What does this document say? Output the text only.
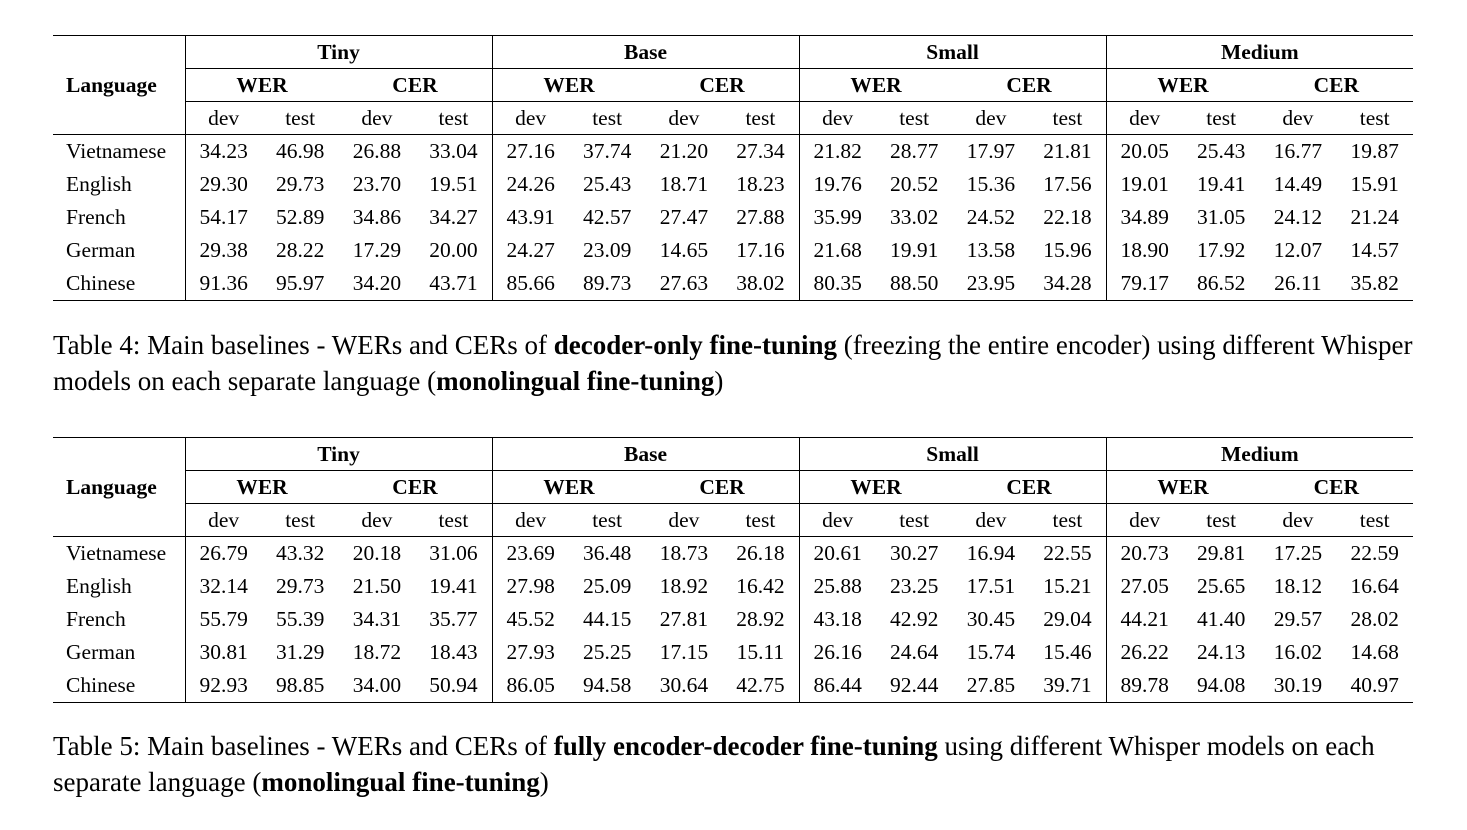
Language	Tiny				Base				Small				Medium			
	WER		CER		WER		CER		WER		CER		WER		CER	
	dev	test	dev	test	dev	test	dev	test	dev	test	dev	test	dev	test	dev	test
Vietnamese	34.23	46.98	26.88	33.04	27.16	37.74	21.20	27.34	21.82	28.77	17.97	21.81	20.05	25.43	16.77	19.87
English	29.30	29.73	23.70	19.51	24.26	25.43	18.71	18.23	19.76	20.52	15.36	17.56	19.01	19.41	14.49	15.91
French	54.17	52.89	34.86	34.27	43.91	42.57	27.47	27.88	35.99	33.02	24.52	22.18	34.89	31.05	24.12	21.24
German	29.38	28.22	17.29	20.00	24.27	23.09	14.65	17.16	21.68	19.91	13.58	15.96	18.90	17.92	12.07	14.57
Chinese	91.36	95.97	34.20	43.71	85.66	89.73	27.63	38.02	80.35	88.50	23.95	34.28	79.17	86.52	26.11	35.82

Table 4: Main baselines - WERs and CERs of decoder-only fine-tuning (freezing the entire encoder) using different Whisper models on each separate language (monolingual fine-tuning)

Language	Tiny				Base				Small				Medium			
	WER		CER		WER		CER		WER		CER		WER		CER	
	dev	test	dev	test	dev	test	dev	test	dev	test	dev	test	dev	test	dev	test
Vietnamese	26.79	43.32	20.18	31.06	23.69	36.48	18.73	26.18	20.61	30.27	16.94	22.55	20.73	29.81	17.25	22.59
English	32.14	29.73	21.50	19.41	27.98	25.09	18.92	16.42	25.88	23.25	17.51	15.21	27.05	25.65	18.12	16.64
French	55.79	55.39	34.31	35.77	45.52	44.15	27.81	28.92	43.18	42.92	30.45	29.04	44.21	41.40	29.57	28.02
German	30.81	31.29	18.72	18.43	27.93	25.25	17.15	15.11	26.16	24.64	15.74	15.46	26.22	24.13	16.02	14.68
Chinese	92.93	98.85	34.00	50.94	86.05	94.58	30.64	42.75	86.44	92.44	27.85	39.71	89.78	94.08	30.19	40.97

Table 5: Main baselines - WERs and CERs of fully encoder-decoder fine-tuning using different Whisper models on each separate language (monolingual fine-tuning)
